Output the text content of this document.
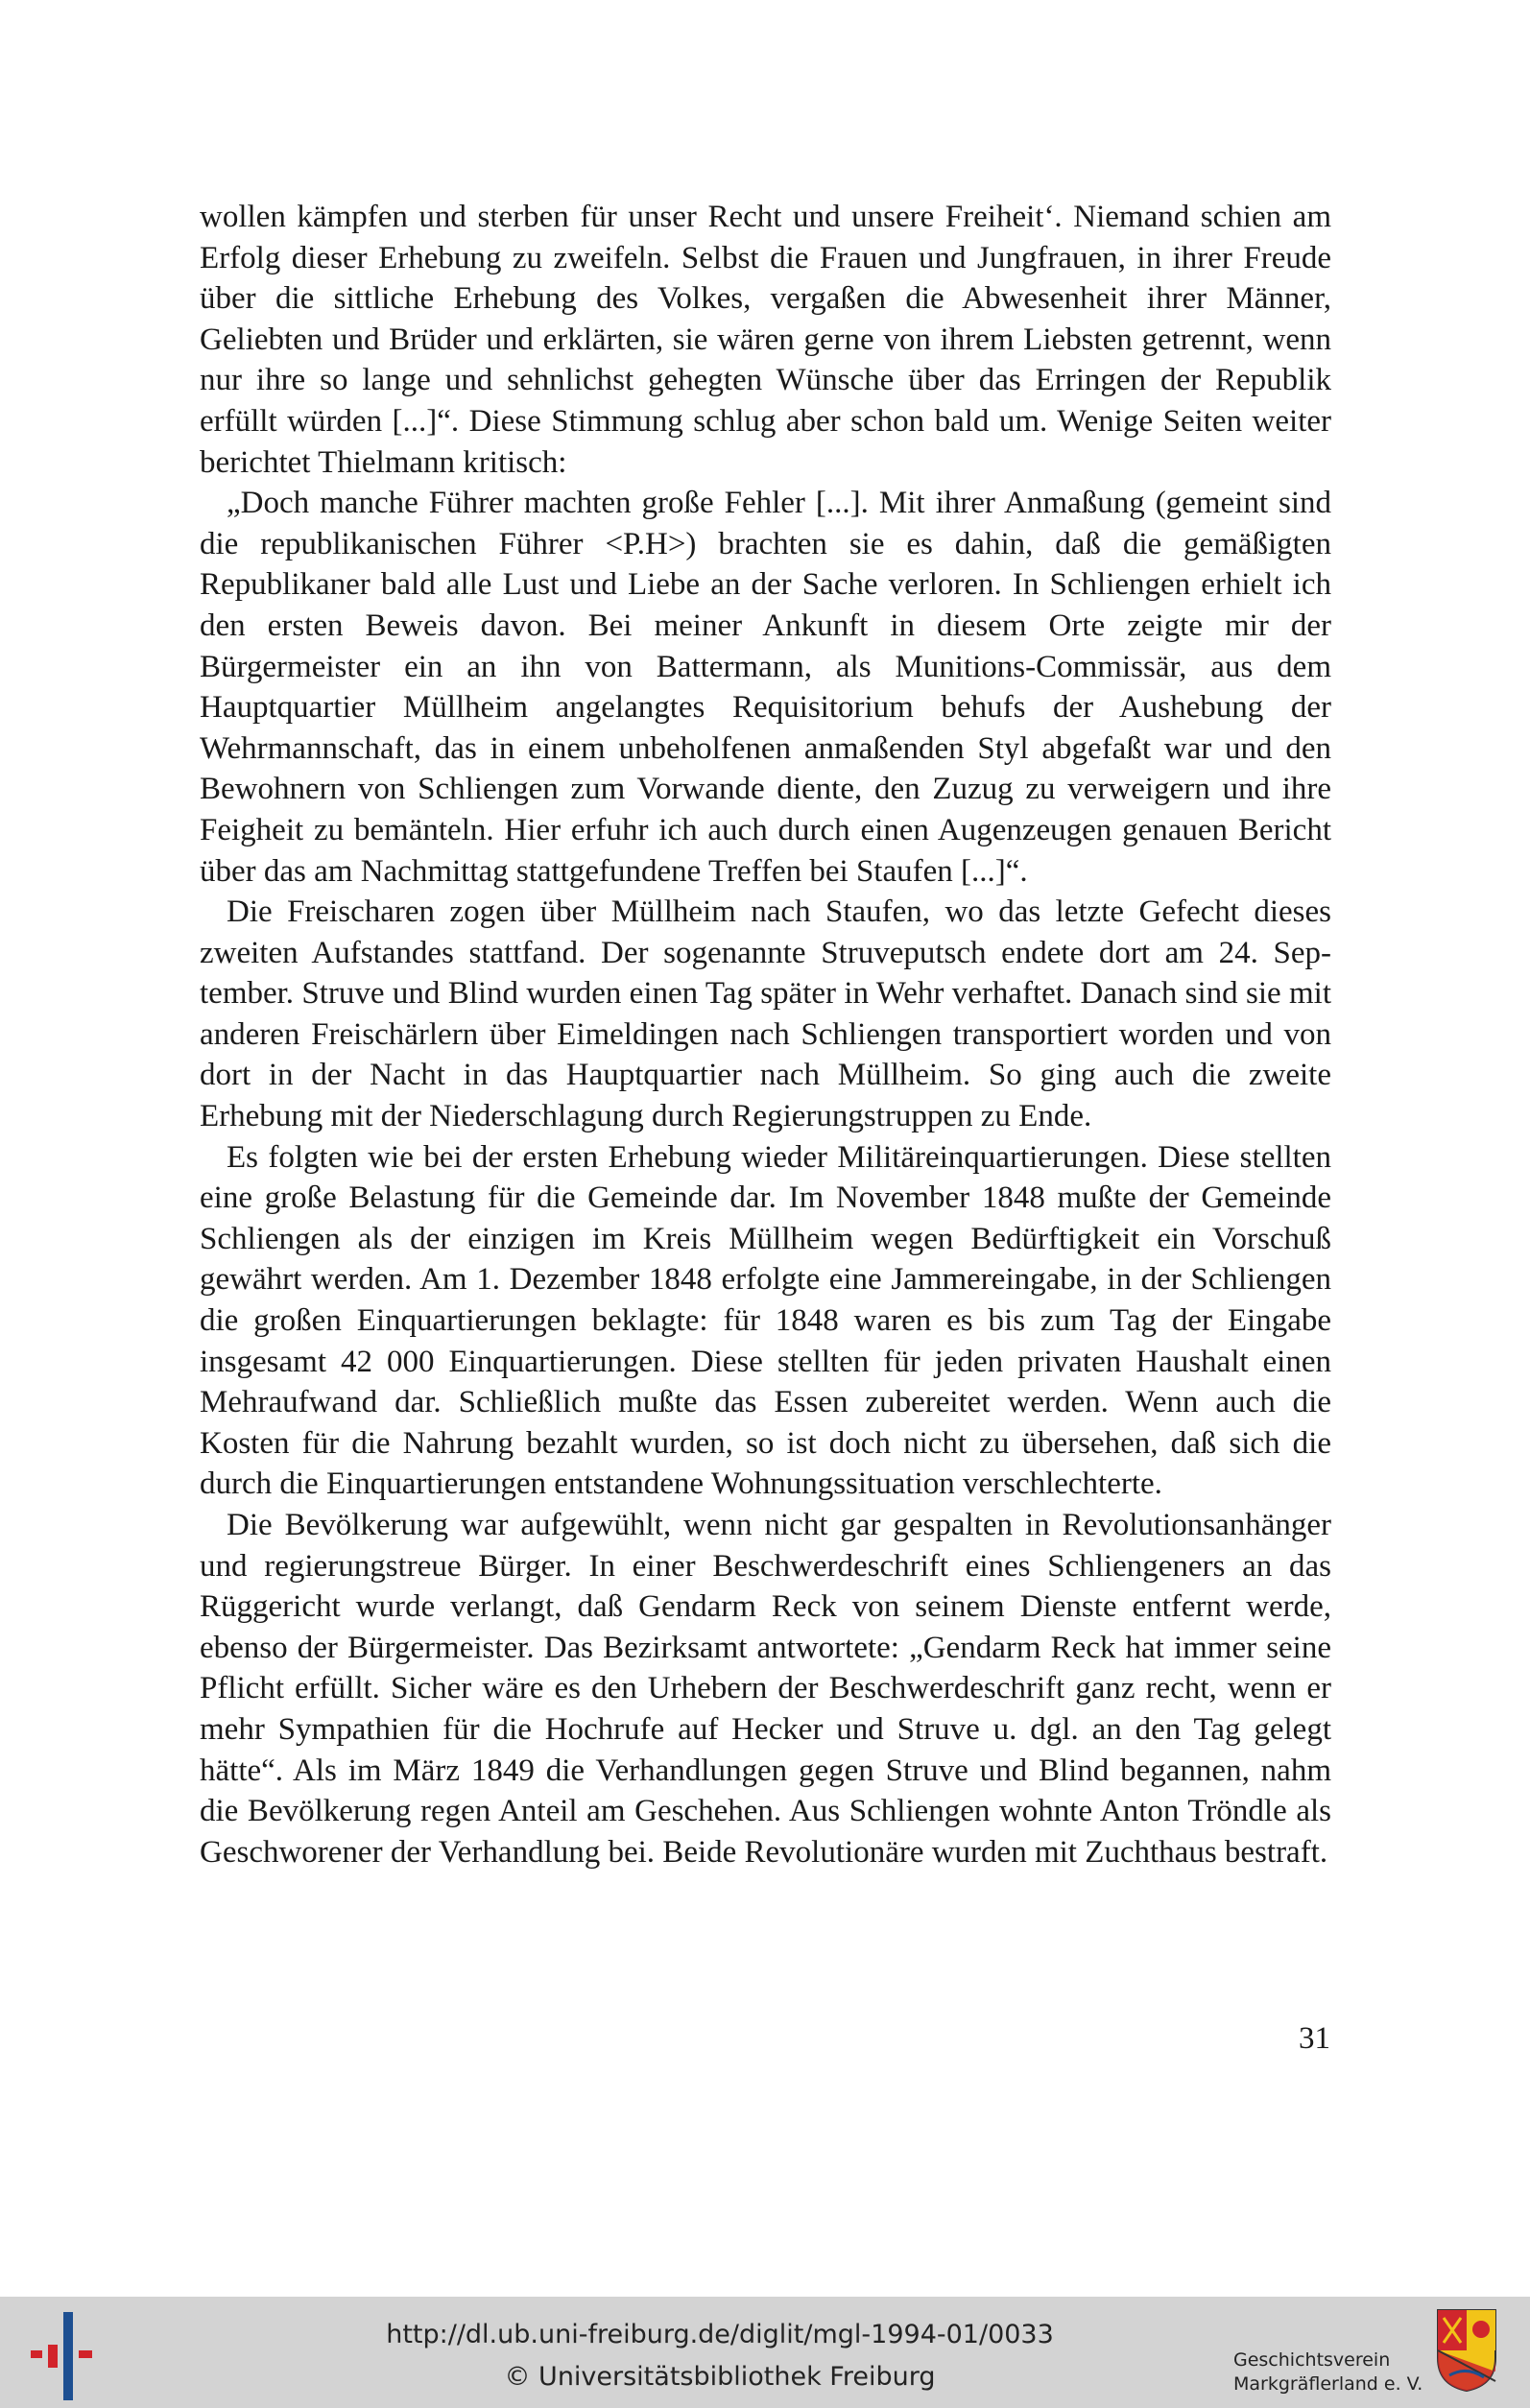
wollen kämpfen und sterben für unser Recht und unsere Freiheit‘. Niemand schien am Erfolg dieser Erhebung zu zweifeln. Selbst die Frauen und Jungfrauen, in ihrer Freude über die sittliche Erhebung des Volkes, vergaßen die Abwesenheit ihrer Männer, Geliebten und Brüder und erklärten, sie wären gerne von ihrem Liebsten getrennt, wenn nur ihre so lange und sehnlichst gehegten Wünsche über das Erringen der Republik erfüllt würden [...]“. Diese Stimmung schlug aber schon bald um. Wenige Seiten weiter berichtet Thielmann kritisch:

„Doch manche Führer machten große Fehler [...]. Mit ihrer Anmaßung (gemeint sind die republikanischen Führer <P.H>) brachten sie es dahin, daß die gemäßigten Republikaner bald alle Lust und Liebe an der Sache verloren. In Schliengen erhielt ich den ersten Beweis davon. Bei meiner Ankunft in diesem Orte zeigte mir der Bürgermeister ein an ihn von Battermann, als Munitions-Commissär, aus dem Hauptquartier Müllheim angelangtes Requisitorium behufs der Aushebung der Wehrmannschaft, das in einem unbeholfenen anmaßenden Styl abgefaßt war und den Bewohnern von Schliengen zum Vorwande diente, den Zuzug zu verweigern und ihre Feigheit zu bemänteln. Hier erfuhr ich auch durch einen Augenzeugen genauen Bericht über das am Nachmittag stattgefundene Treffen bei Staufen [...]“.

Die Freischaren zogen über Müllheim nach Staufen, wo das letzte Gefecht dieses zweiten Aufstandes stattfand. Der sogenannte Struveputsch endete dort am 24. September. Struve und Blind wurden einen Tag später in Wehr verhaftet. Danach sind sie mit anderen Freischärlern über Eimeldingen nach Schliengen transportiert worden und von dort in der Nacht in das Hauptquartier nach Müllheim. So ging auch die zweite Erhebung mit der Niederschlagung durch Regierungstruppen zu Ende.

Es folgten wie bei der ersten Erhebung wieder Militäreinquartierungen. Diese stellten eine große Belastung für die Gemeinde dar. Im November 1848 mußte der Gemeinde Schliengen als der einzigen im Kreis Müllheim wegen Bedürftigkeit ein Vorschuß gewährt werden. Am 1. Dezember 1848 erfolgte eine Jammereingabe, in der Schliengen die großen Einquartierungen beklagte: für 1848 waren es bis zum Tag der Eingabe insgesamt 42 000 Einquartierungen. Diese stellten für jeden privaten Haushalt einen Mehraufwand dar. Schließlich mußte das Essen zubereitet werden. Wenn auch die Kosten für die Nahrung bezahlt wurden, so ist doch nicht zu übersehen, daß sich die durch die Einquartierungen entstandene Wohnungssituation verschlechterte.

Die Bevölkerung war aufgewühlt, wenn nicht gar gespalten in Revolutionsanhänger und regierungstreue Bürger. In einer Beschwerdeschrift eines Schliengeners an das Rüggericht wurde verlangt, daß Gendarm Reck von seinem Dienste entfernt werde, ebenso der Bürgermeister. Das Bezirksamt antwortete: „Gendarm Reck hat immer seine Pflicht erfüllt. Sicher wäre es den Urhebern der Beschwerdeschrift ganz recht, wenn er mehr Sympathien für die Hochrufe auf Hecker und Struve u. dgl. an den Tag gelegt hätte“. Als im März 1849 die Verhandlungen gegen Struve und Blind begannen, nahm die Bevölkerung regen Anteil am Geschehen. Aus Schliengen wohnte Anton Tröndle als Geschworener der Verhandlung bei. Beide Revolutionäre wurden mit Zuchthaus bestraft.

31
http://dl.ub.uni-freiburg.de/diglit/mgl-1994-01/0033
© Universitätsbibliothek Freiburg
Geschichtsverein
Markgräflerland e. V.
